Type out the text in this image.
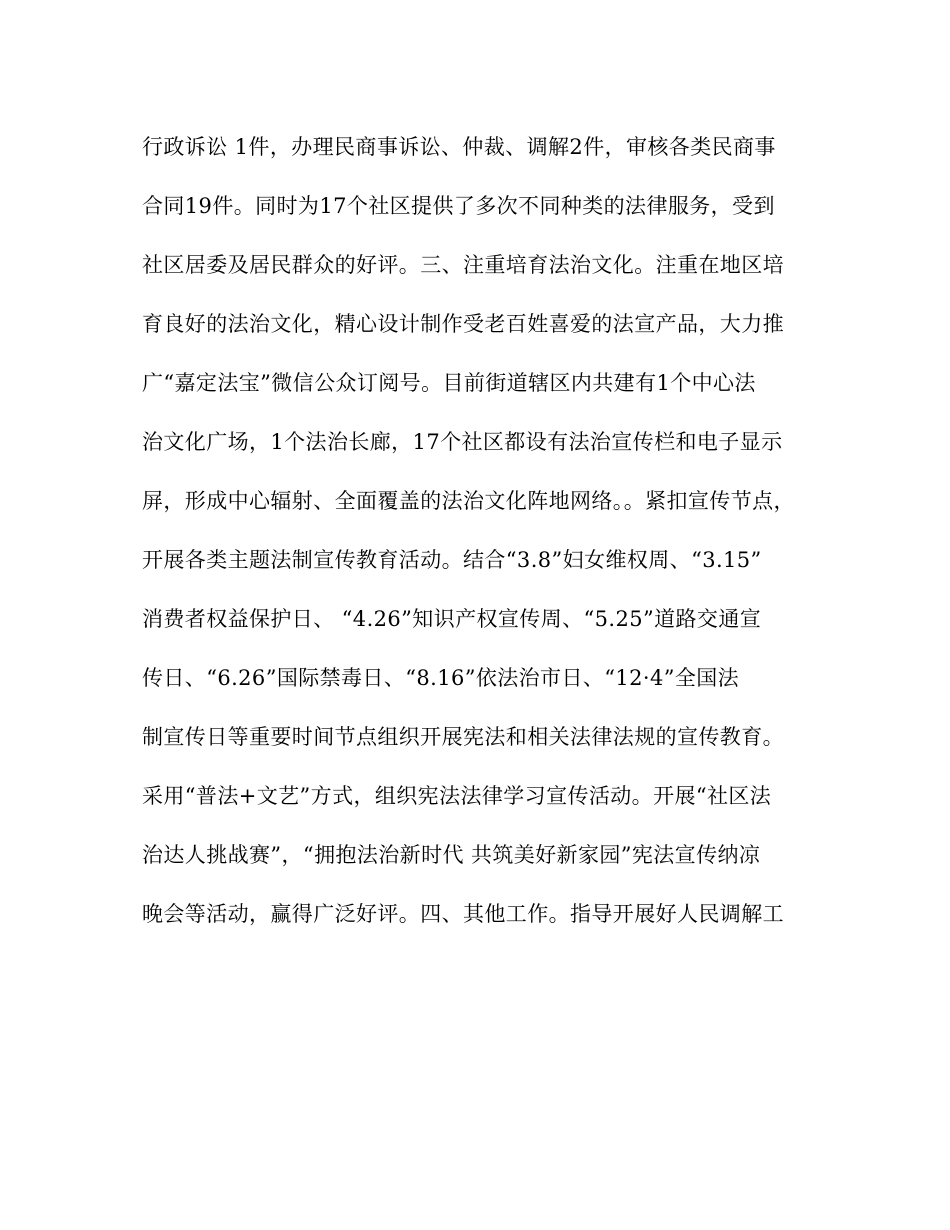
行政诉讼 1件，办理民商事诉讼、仲裁、调解2件，审核各类民商事
合同19件。同时为17个社区提供了多次不同种类的法律服务，受到
社区居委及居民群众的好评。三、注重培育法治文化。注重在地区培
育良好的法治文化，精心设计制作受老百姓喜爱的法宣产品，大力推
广“嘉定法宝”微信公众订阅号。目前街道辖区内共建有1个中心法
治文化广场，1个法治长廊，17个社区都设有法治宣传栏和电子显示
屏，形成中心辐射、全面覆盖的法治文化阵地网络。。紧扣宣传节点，
开展各类主题法制宣传教育活动。结合“3.8”妇女维权周、“3.15”
消费者权益保护日、 “4.26”知识产权宣传周、“5.25”道路交通宣
传日、“6.26”国际禁毒日、“8.16”依法治市日、“12·4”全国法
制宣传日等重要时间节点组织开展宪法和相关法律法规的宣传教育。
采用“普法+文艺”方式，组织宪法法律学习宣传活动。开展“社区法
治达人挑战赛”，“拥抱法治新时代 共筑美好新家园”宪法宣传纳凉
晚会等活动，赢得广泛好评。四、其他工作。指导开展好人民调解工
